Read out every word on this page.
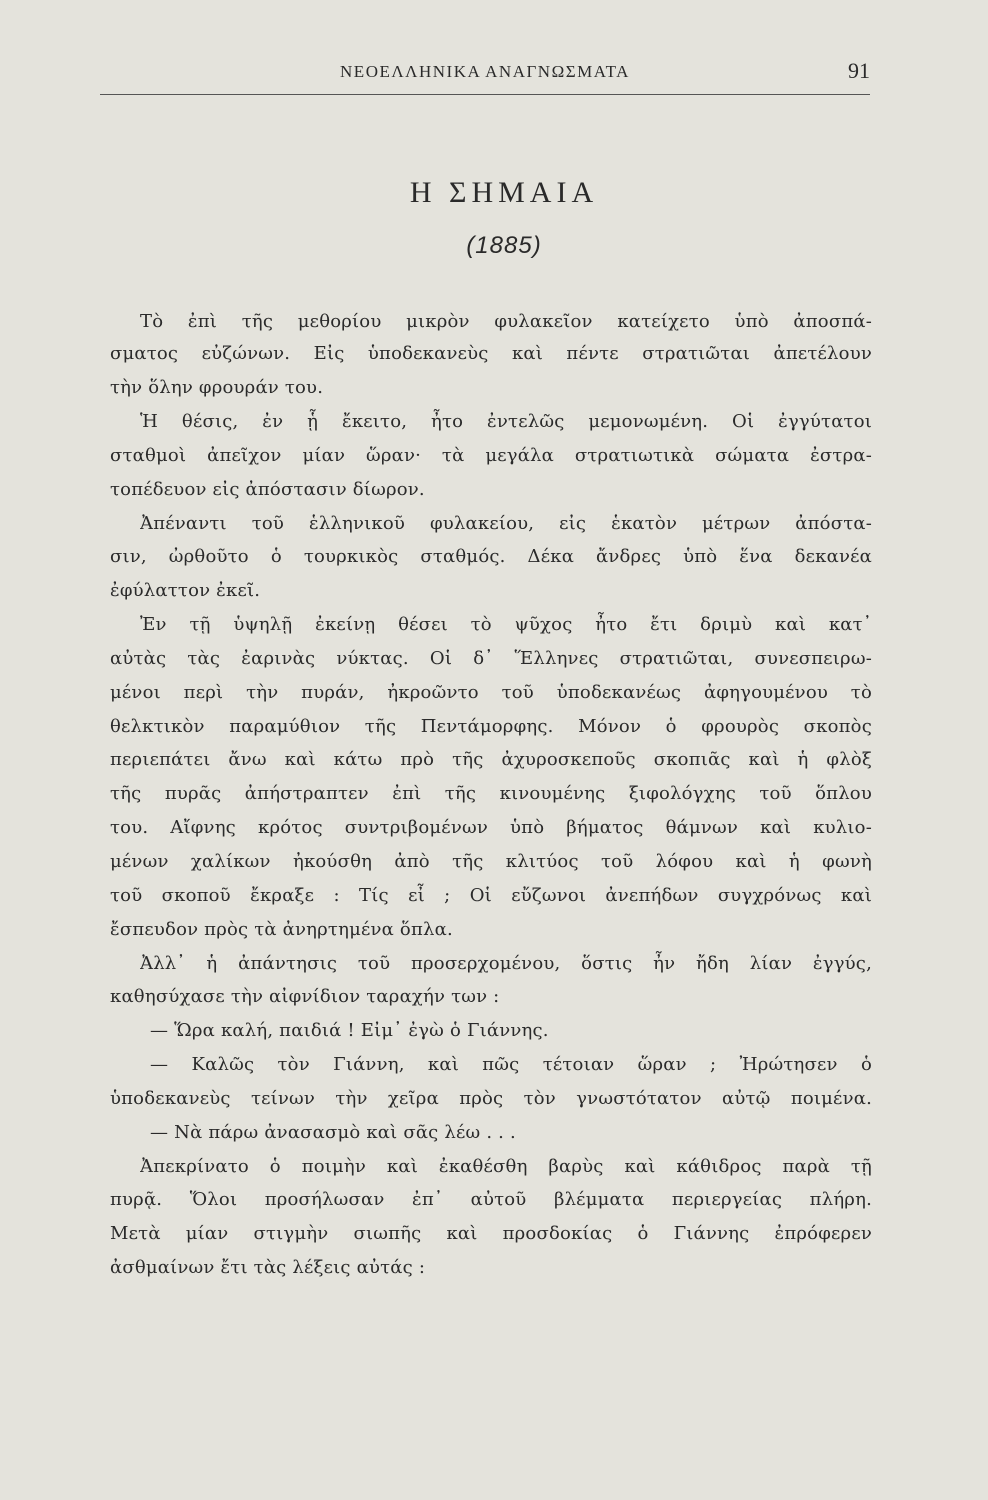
ΝΕΟΕΛΛΗΝΙΚΑ ΑΝΑΓΝΩΣΜΑΤΑ	91
Η ΣΗΜΑΙΑ
(1885)
Τὸ ἐπὶ τῆς μεθορίου μικρὸν φυλακεῖον κατείχετο ὑπὸ ἀποσπά-
σματος εὐζώνων. Εἰς ὑποδεκανεὺς καὶ πέντε στρατιῶται ἀπετέλουν
τὴν ὅλην φρουράν του.
Ἡ θέσις, ἐν ᾗ ἔκειτο, ἦτο ἐντελῶς μεμονωμένη. Οἱ ἐγγύτατοι
σταθμοὶ ἀπεῖχον μίαν ὥραν· τὰ μεγάλα στρατιωτικὰ σώματα ἐστρα-
τοπέδευον εἰς ἀπόστασιν δίωρον.
Ἀπέναντι τοῦ ἑλληνικοῦ φυλακείου, εἰς ἑκατὸν μέτρων ἀπόστα-
σιν, ὠρθοῦτο ὁ τουρκικὸς σταθμός. Δέκα ἄνδρες ὑπὸ ἕνα δεκανέα
ἐφύλαττον ἐκεῖ.
Ἐν τῇ ὑψηλῇ ἐκείνῃ θέσει τὸ ψῦχος ἦτο ἔτι δριμὺ καὶ κατ᾽
αὐτὰς τὰς ἐαρινὰς νύκτας. Οἱ δ᾽ Ἕλληνες στρατιῶται, συνεσπειρω-
μένοι περὶ τὴν πυράν, ἠκροῶντο τοῦ ὑποδεκανέως ἀφηγουμένου τὸ
θελκτικὸν παραμύθιον τῆς Πεντάμορφης. Μόνον ὁ φρουρὸς σκοπὸς
περιεπάτει ἄνω καὶ κάτω πρὸ τῆς ἀχυροσκεποῦς σκοπιᾶς καὶ ἡ φλὸξ
τῆς πυρᾶς ἀπήστραπτεν ἐπὶ τῆς κινουμένης ξιφολόγχης τοῦ ὅπλου
του. Αἴφνης κρότος συντριβομένων ὑπὸ βήματος θάμνων καὶ κυλιο-
μένων χαλίκων ἠκούσθη ἀπὸ τῆς κλιτύος τοῦ λόφου καὶ ἡ φωνὴ
τοῦ σκοποῦ ἔκραξε : Τίς εἶ ; Οἱ εὔζωνοι ἀνεπήδων συγχρόνως καὶ
ἔσπευδον πρὸς τὰ ἀνηρτημένα ὅπλα.
Ἀλλ᾽ ἡ ἀπάντησις τοῦ προσερχομένου, ὅστις ἦν ἤδη λίαν ἐγγύς,
καθησύχασε τὴν αἰφνίδιον ταραχήν των :
— Ὥρα καλή, παιδιά ! Εἰμ᾽ ἐγὼ ὁ Γιάννης.
— Καλῶς τὸν Γιάννη, καὶ πῶς τέτοιαν ὥραν ; Ἠρώτησεν ὁ
ὑποδεκανεὺς τείνων τὴν χεῖρα πρὸς τὸν γνωστότατον αὐτῷ ποιμένα.
— Νὰ πάρω ἀνασασμὸ καὶ σᾶς λέω . . .
Ἀπεκρίνατο ὁ ποιμὴν καὶ ἐκαθέσθη βαρὺς καὶ κάθιδρος παρὰ τῇ
πυρᾷ. Ὅλοι προσήλωσαν ἐπ᾽ αὐτοῦ βλέμματα περιεργείας πλήρη.
Μετὰ μίαν στιγμὴν σιωπῆς καὶ προσδοκίας ὁ Γιάννης ἐπρόφερεν
ἀσθμαίνων ἔτι τὰς λέξεις αὐτάς :
